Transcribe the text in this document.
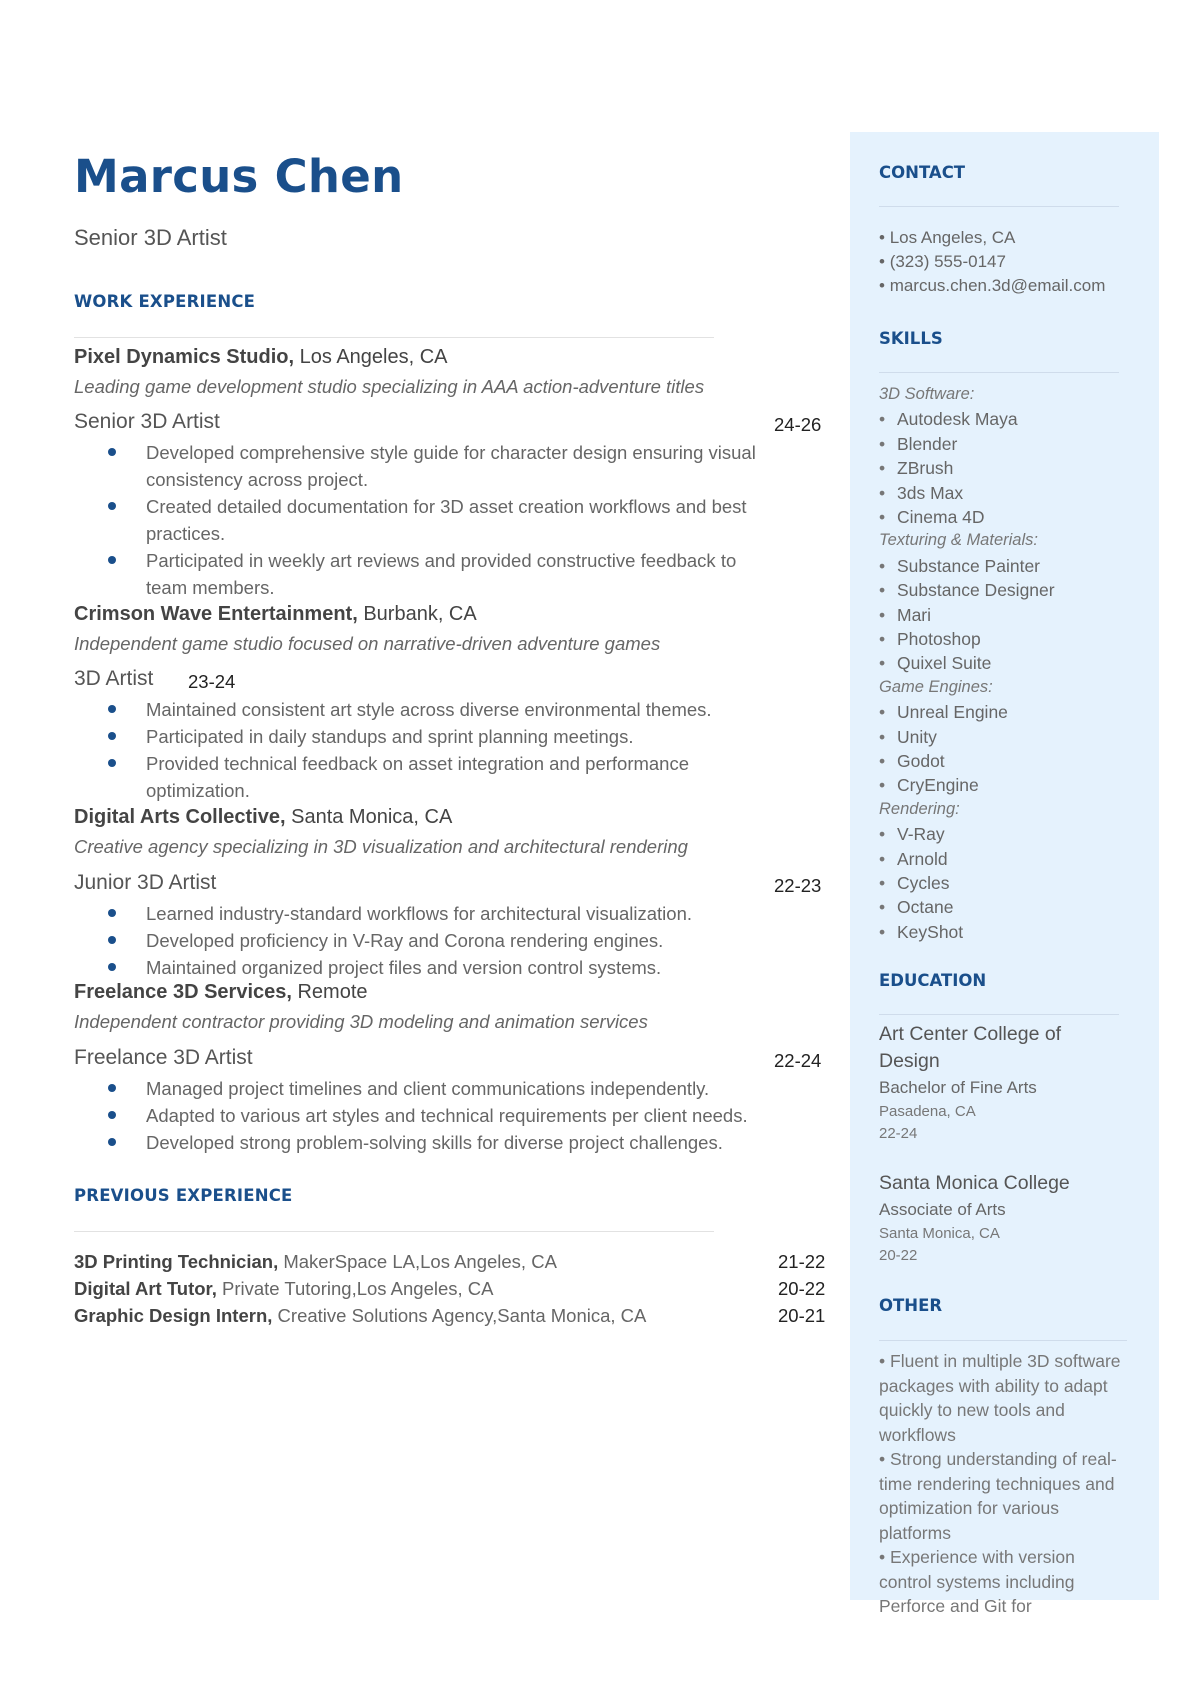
Marcus Chen
Senior 3D Artist
WORK EXPERIENCE
Pixel Dynamics Studio, Los Angeles, CA
Leading game development studio specializing in AAA action-adventure titles
Senior 3D Artist	24-26
Developed comprehensive style guide for character design ensuring visual consistency across project.
Created detailed documentation for 3D asset creation workflows and best practices.
Participated in weekly art reviews and provided constructive feedback to team members.
Crimson Wave Entertainment, Burbank, CA
Independent game studio focused on narrative-driven adventure games
3D Artist 23-24
Maintained consistent art style across diverse environmental themes.
Participated in daily standups and sprint planning meetings.
Provided technical feedback on asset integration and performance optimization.
Digital Arts Collective, Santa Monica, CA
Creative agency specializing in 3D visualization and architectural rendering
Junior 3D Artist	22-23
Learned industry-standard workflows for architectural visualization.
Developed proficiency in V-Ray and Corona rendering engines.
Maintained organized project files and version control systems.
Freelance 3D Services, Remote
Independent contractor providing 3D modeling and animation services
Freelance 3D Artist	22-24
Managed project timelines and client communications independently.
Adapted to various art styles and technical requirements per client needs.
Developed strong problem-solving skills for diverse project challenges.
PREVIOUS EXPERIENCE
3D Printing Technician, MakerSpace LA,Los Angeles, CA	21-22
Digital Art Tutor, Private Tutoring,Los Angeles, CA	20-22
Graphic Design Intern, Creative Solutions Agency,Santa Monica, CA	20-21
CONTACT
• Los Angeles, CA
• (323) 555-0147
• marcus.chen.3d@email.com
SKILLS
3D Software:
• Autodesk Maya
• Blender
• ZBrush
• 3ds Max
• Cinema 4D
Texturing & Materials:
• Substance Painter
• Substance Designer
• Mari
• Photoshop
• Quixel Suite
Game Engines:
• Unreal Engine
• Unity
• Godot
• CryEngine
Rendering:
• V-Ray
• Arnold
• Cycles
• Octane
• KeyShot
EDUCATION
Art Center College of Design
Bachelor of Fine Arts
Pasadena, CA
22-24
Santa Monica College
Associate of Arts
Santa Monica, CA
20-22
OTHER
• Fluent in multiple 3D software packages with ability to adapt quickly to new tools and workflows
• Strong understanding of real-time rendering techniques and optimization for various platforms
• Experience with version control systems including Perforce and Git for
